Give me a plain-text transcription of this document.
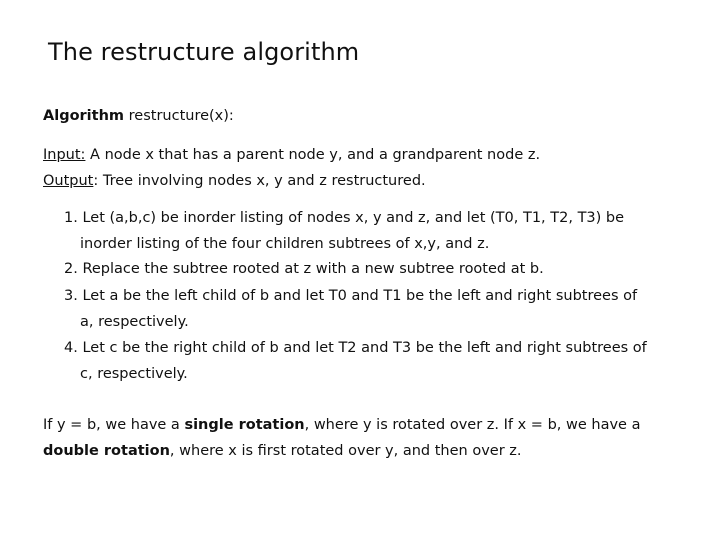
The restructure algorithm
Algorithm restructure(x):
Input: A node x that has a parent node y, and a grandparent node z.
Output: Tree involving nodes x, y and z restructured.
1. Let (a,b,c) be inorder listing of nodes x, y and z, and let (T0, T1, T2, T3) be
inorder listing of the four children subtrees of x,y, and z.
2. Replace the subtree rooted at z with a new subtree rooted at b.
3. Let a be the left child of b and let T0 and T1 be the left and right subtrees of
a, respectively.
4. Let c be the right child of b and let T2 and T3 be the left and right subtrees of
c, respectively.
If y = b, we have a single rotation, where y is rotated over z. If x = b, we have a
double rotation, where x is first rotated over y, and then over z.
